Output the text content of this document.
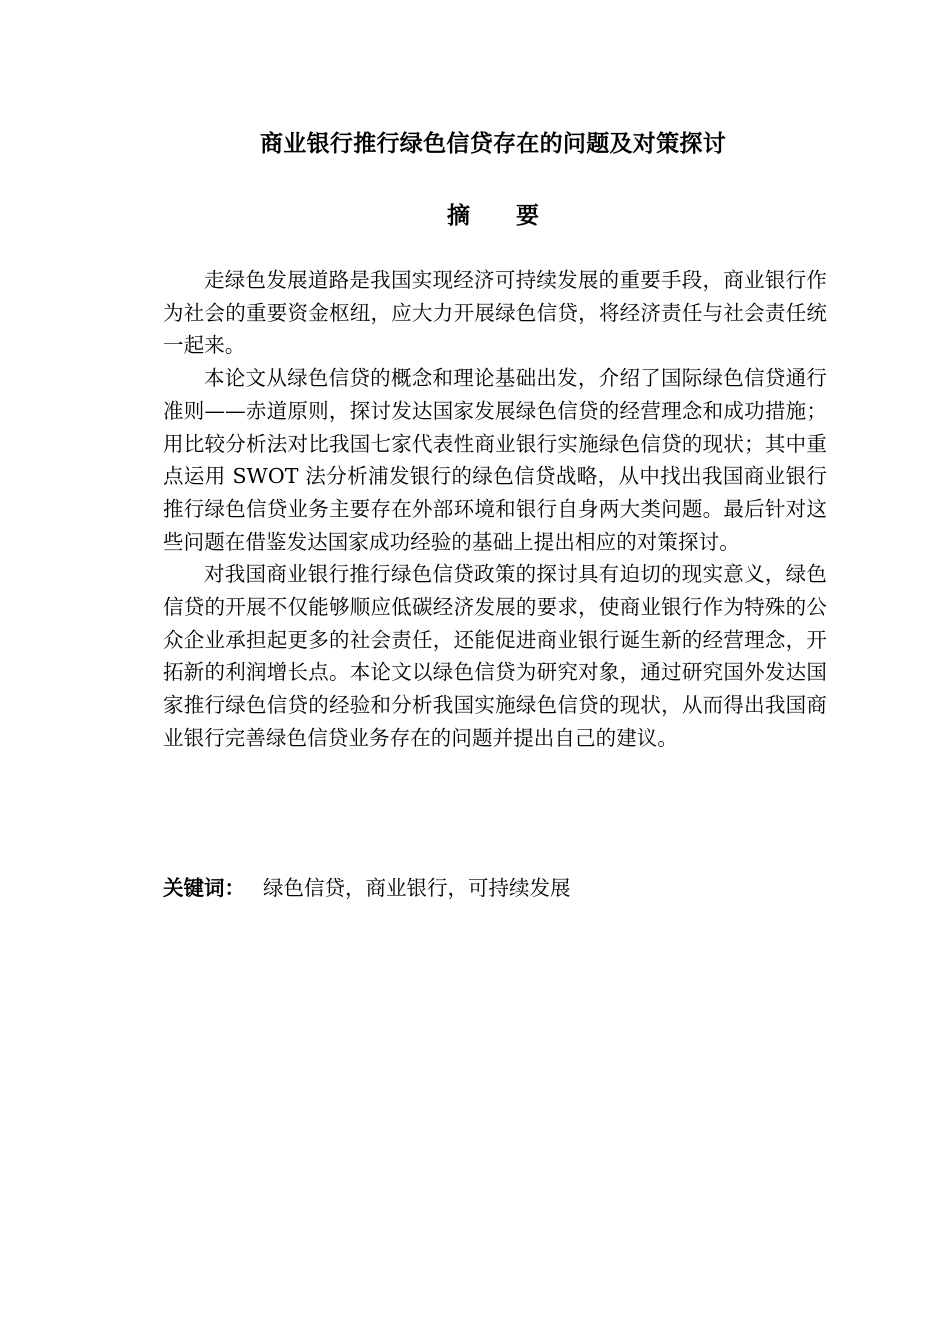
商业银行推行绿色信贷存在的问题及对策探讨
摘要

走绿色发展道路是我国实现经济可持续发展的重要手段，商业银行作为社会的重要资金枢纽，应大力开展绿色信贷，将经济责任与社会责任统一起来。

本论文从绿色信贷的概念和理论基础出发，介绍了国际绿色信贷通行准则——赤道原则，探讨发达国家发展绿色信贷的经营理念和成功措施；用比较分析法对比我国七家代表性商业银行实施绿色信贷的现状；其中重点运用 SWOT 法分析浦发银行的绿色信贷战略，从中找出我国商业银行推行绿色信贷业务主要存在外部环境和银行自身两大类问题。最后针对这些问题在借鉴发达国家成功经验的基础上提出相应的对策探讨。

对我国商业银行推行绿色信贷政策的探讨具有迫切的现实意义，绿色信贷的开展不仅能够顺应低碳经济发展的要求，使商业银行作为特殊的公众企业承担起更多的社会责任，还能促进商业银行诞生新的经营理念，开拓新的利润增长点。本论文以绿色信贷为研究对象，通过研究国外发达国家推行绿色信贷的经验和分析我国实施绿色信贷的现状，从而得出我国商业银行完善绿色信贷业务存在的问题并提出自己的建议。

关键词： 绿色信贷，商业银行，可持续发展
